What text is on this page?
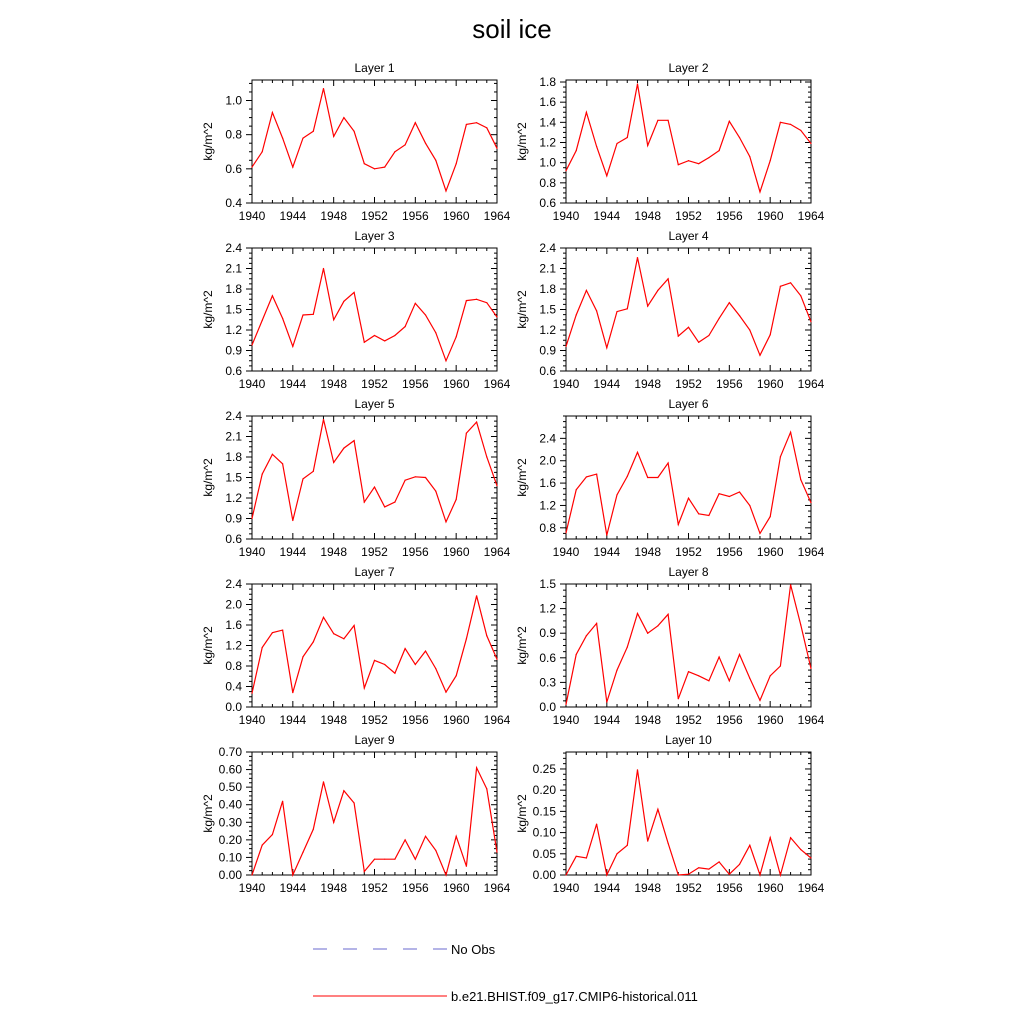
soil ice
No Obs
b.e21.BHIST.f09_g17.CMIP6-historical.011
Layer 1
kg/m^2
1940 1944 1948 1952 1956 1960 1964
0.4
0.6
0.8
1.0
Layer 2
kg/m^2
1940 1944 1948 1952 1956 1960 1964
0.6
0.8
1.0
1.2
1.4
1.6
1.8
Layer 3
kg/m^2
1940 1944 1948 1952 1956 1960 1964
0.6
0.9
1.2
1.5
1.8
2.1
2.4
Layer 4
kg/m^2
1940 1944 1948 1952 1956 1960 1964
0.6
0.9
1.2
1.5
1.8
2.1
2.4
Layer 5
kg/m^2
1940 1944 1948 1952 1956 1960 1964
0.6
0.9
1.2
1.5
1.8
2.1
2.4
Layer 6
kg/m^2
1940 1944 1948 1952 1956 1960 1964
0.8
1.2
1.6
2.0
2.4
Layer 7
kg/m^2
1940 1944 1948 1952 1956 1960 1964
0.0
0.4
0.8
1.2
1.6
2.0
2.4
Layer 8
kg/m^2
1940 1944 1948 1952 1956 1960 1964
0.0
0.3
0.6
0.9
1.2
1.5
Layer 9
kg/m^2
1940 1944 1948 1952 1956 1960 1964
0.00
0.10
0.20
0.30
0.40
0.50
0.60
0.70
Layer 10
kg/m^2
1940 1944 1948 1952 1956 1960 1964
0.00
0.05
0.10
0.15
0.20
0.25
